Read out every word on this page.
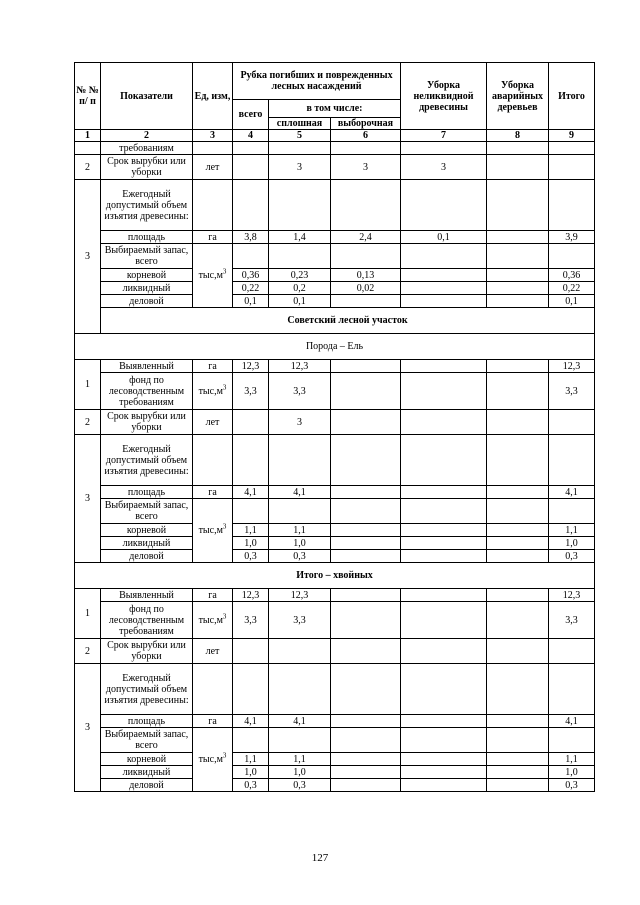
№ № п/ п	Показатели	Ед, изм,	Рубка погибших и поврежденных лесных насаждений			Уборка неликвидной древесины	Уборка аварийных деревьев	Итого
			всего	в том числе:				
				сплошная	выборочная			
1	2	3	4	5	6	7	8	9
	требованиям							
2	Срок вырубки или уборки	лет		3	3	3		
3	Ежегодный допустимый объем изъятия древесины:							
	площадь	га	3,8	1,4	2,4	0,1		3,9
	Выбираемый запас, всего	$тыс,м^3$						
	корневой		0,36	0,23	0,13			0,36
	ликвидный		0,22	0,2	0,02			0,22
	деловой		0,1	0,1				0,1
	Советский лесной участок							
Порода – Ель								
1	Выявленный	га	12,3	12,3				12,3
	фонд по лесоводственным требованиям	$тыс,м^3$	3,3	3,3				3,3
2	Срок вырубки или уборки	лет		3				
3	Ежегодный допустимый объем изъятия древесины:							
	площадь	га	4,1	4,1				4,1
	Выбираемый запас, всего	$тыс,м^3$						
	корневой		1,1	1,1				1,1
	ликвидный		1,0	1,0				1,0
	деловой		0,3	0,3				0,3
Итого – хвойных								
1	Выявленный	га	12,3	12,3				12,3
	фонд по лесоводственным требованиям	$тыс,м^3$	3,3	3,3				3,3
2	Срок вырубки или уборки	лет						
3	Ежегодный допустимый объем изъятия древесины:							
	площадь	га	4,1	4,1				4,1
	Выбираемый запас, всего	$тыс,м^3$						
	корневой		1,1	1,1				1,1
	ликвидный		1,0	1,0				1,0
	деловой		0,3	0,3				0,3
127
